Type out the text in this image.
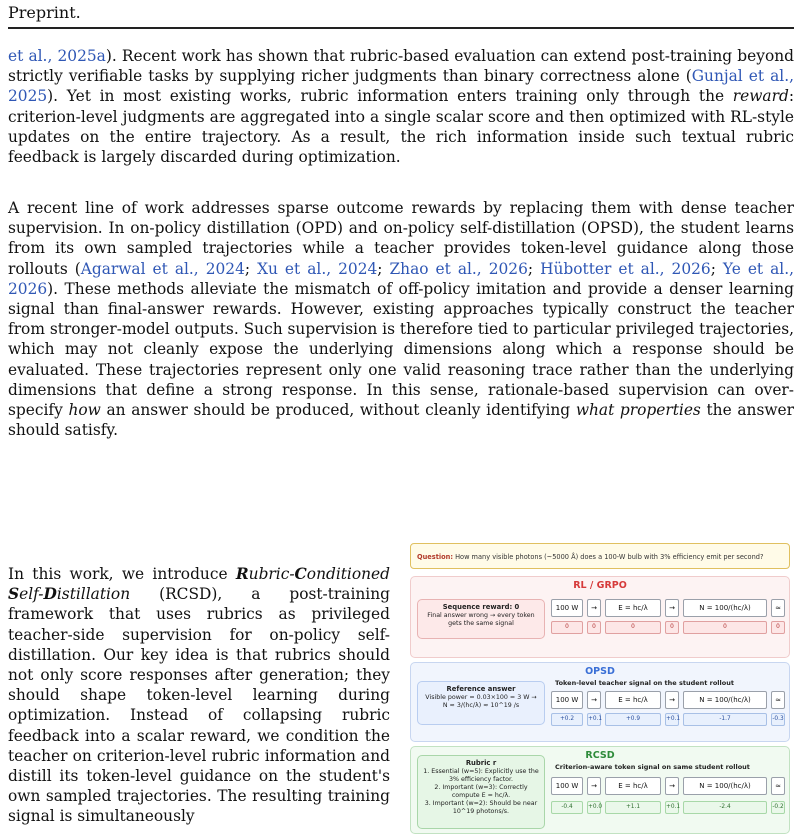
Preprint.

et al., 2025a). Recent work has shown that rubric-based evaluation can extend post-training beyond strictly verifiable tasks by supplying richer judgments than binary correctness alone (Gunjal et al., 2025). Yet in most existing works, rubric information enters training only through the reward: criterion-level judgments are aggregated into a single scalar score and then optimized with RL-style updates on the entire trajectory. As a result, the rich information inside such textual rubric feedback is largely discarded during optimization.

A recent line of work addresses sparse outcome rewards by replacing them with dense teacher supervision. In on-policy distillation (OPD) and on-policy self-distillation (OPSD), the student learns from its own sampled trajectories while a teacher provides token-level guidance along those rollouts (Agarwal et al., 2024; Xu et al., 2024; Zhao et al., 2026; Hübotter et al., 2026; Ye et al., 2026). These methods alleviate the mismatch of off-policy imitation and provide a denser learning signal than final-answer rewards. However, existing approaches typically construct the teacher from stronger-model outputs. Such supervision is therefore tied to particular privileged trajectories, which may not cleanly expose the underlying dimensions along which a response should be evaluated. These trajectories represent only one valid reasoning trace rather than the underlying dimensions that define a strong response. In this sense, rationale-based supervision can over-specify how an answer should be produced, without cleanly identifying what properties the answer should satisfy.

In this work, we introduce Rubric-Conditioned Self-Distillation (RCSD), a post-training framework that uses rubrics as privileged teacher-side supervision for on-policy self-distillation. Our key idea is that rubrics should not only score responses after generation; they should shape token-level learning during optimization. Instead of collapsing rubric feedback into a scalar reward, we condition the teacher on criterion-level rubric information and distill its token-level guidance on the student's own sampled trajectories. The resulting training signal is simultaneously

Question: How many visible photons (~5000 Å) does a 100-W bulb with 3% efficiency emit per second?
RL / GRPO
Sequence reward: 0
Final answer wrong → every token gets the same signal
100 W	→	E = hc/λ	→	N = 100/(hc/λ)	≈
0	0	0	0	0	0
OPSD
Token-level teacher signal on the student rollout
Reference answer
Visible power = 0.03×100 = 3 W → N ≈ 3/(hc/λ) ≈ 10^19 /s
100 W	→	E = hc/λ	→	N = 100/(hc/λ)	≈
+0.2	+0.1	+0.9	+0.1	-1.7	-0.3
RCSD
Criterion-aware token signal on same student rollout
Rubric r
1. Essential (w=5): Explicitly use the 3% efficiency factor.
2. Important (w=3): Correctly compute E = hc/λ.
3. Important (w=2): Should be near 10^19 photons/s.
100 W	→	E = hc/λ	→	N = 100/(hc/λ)	≈
-0.4	+0.0	+1.1	+0.1	-2.4	-0.2
